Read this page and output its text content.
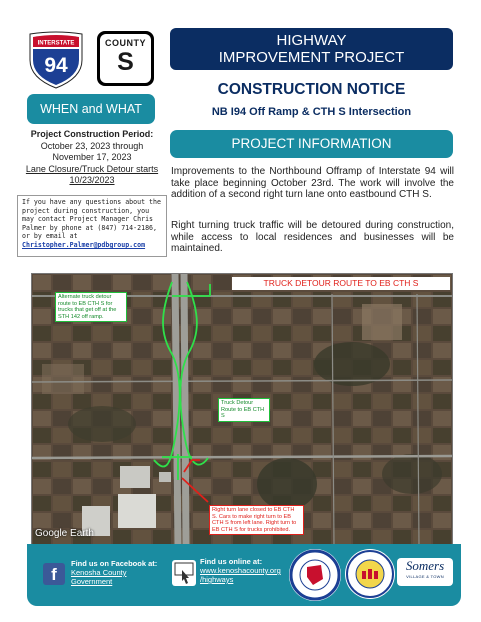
INTERSTATE
94
COUNTY
S
HIGHWAY
IMPROVEMENT PROJECT
CONSTRUCTION NOTICE
NB I94 Off Ramp & CTH S Intersection
WHEN and WHAT
Project Construction Period:
October 23, 2023 through
November 17, 2023
Lane Closure/Truck Detour starts
10/23/2023
If you have any questions about the project during construction, you may contact Project Manager Chris Palmer by phone at (847) 714-2186, or by email at Christopher.Palmer@pdbgroup.com
PROJECT INFORMATION
Improvements to the Northbound Offramp of Interstate 94 will take place beginning October 23rd. The work will involve the addition of a second right turn lane onto eastbound CTH S.
Right turning truck traffic will be detoured during construction, while access to local residences and businesses will be maintained.
TRUCK DETOUR ROUTE TO EB CTH S
Alternate truck detour route to EB CTH S for trucks that get off at the STH 142 off ramp.
Truck Detour Route to EB CTH S
Right turn lane closed to EB CTH S. Cars to make right turn to EB CTH S from left lane. Right turn to EB CTH S for trucks prohibited.
Google Earth
f
Find us on Facebook at:
Kenosha County
Government
Find us online at:
www.kenoshacounty.org
/highways
Somers
VILLAGE & TOWN
